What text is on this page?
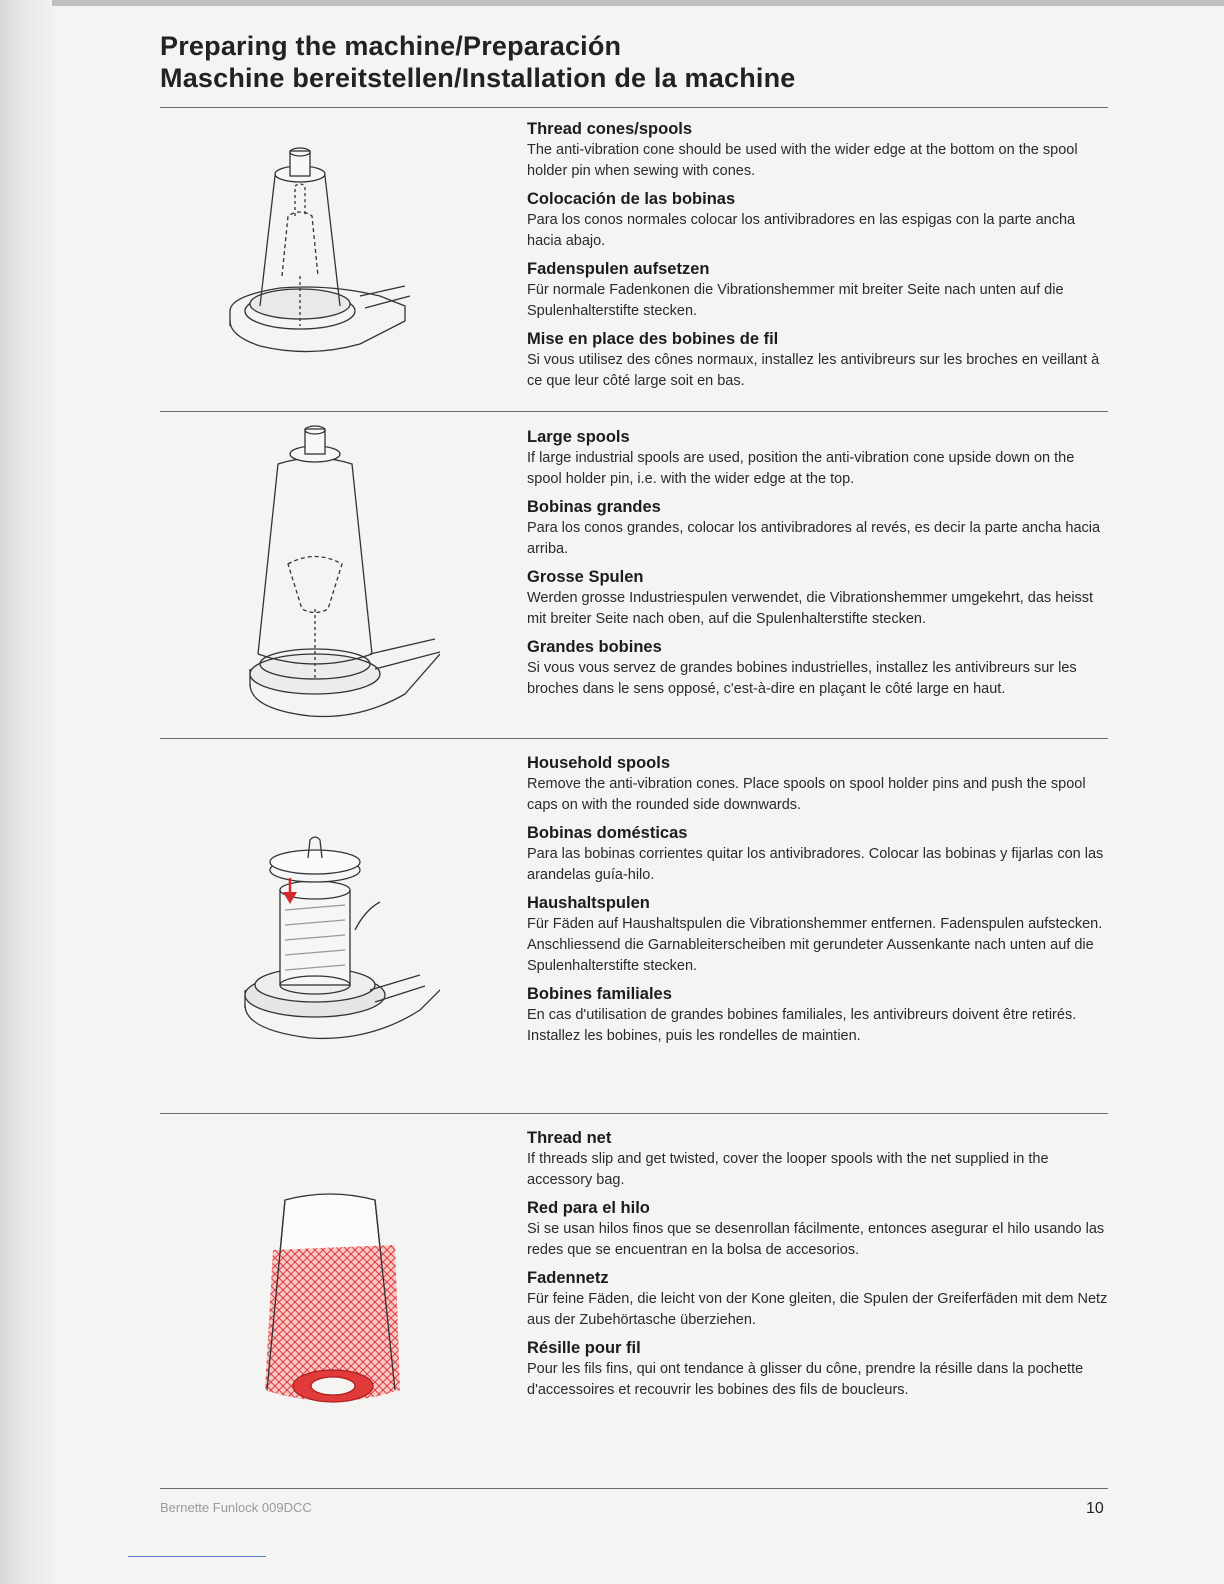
Preparing the machine/Preparación
Maschine bereitstellen/Installation de la machine

Thread cones/spools

The anti-vibration cone should be used with the wider edge at the bottom on the spool holder pin when sewing with cones.

Colocación de las bobinas

Para los conos normales colocar los antivibradores en las espigas con la parte ancha hacia abajo.

Fadenspulen aufsetzen

Für normale Fadenkonen die Vibrationshemmer mit breiter Seite nach unten auf die Spulenhalterstifte stecken.

Mise en place des bobines de fil

Si vous utilisez des cônes normaux, installez les antivibreurs sur les broches en veillant à ce que leur côté large soit en bas.

Large spools

If large industrial spools are used, position the anti-vibration cone upside down on the spool holder pin, i.e. with the wider edge at the top.

Bobinas grandes

Para los conos grandes, colocar los antivibradores al revés, es decir la parte ancha hacia arriba.

Grosse Spulen

Werden grosse Industriespulen verwendet, die Vibrationshemmer umgekehrt, das heisst mit breiter Seite nach oben, auf die Spulenhalterstifte stecken.

Grandes bobines

Si vous vous servez de grandes bobines industrielles, installez les antivibreurs sur les broches dans le sens opposé, c'est-à-dire en plaçant le côté large en haut.

Household spools

Remove the anti-vibration cones. Place spools on spool holder pins and push the spool caps on with the rounded side downwards.

Bobinas domésticas

Para las bobinas corrientes quitar los antivibradores. Colocar las bobinas y fijarlas con las arandelas guía-hilo.

Haushaltspulen

Für Fäden auf Haushaltspulen die Vibrationshemmer entfernen. Fadenspulen aufstecken. Anschliessend die Garnableiterscheiben mit gerundeter Aussenkante nach unten auf die Spulenhalterstifte stecken.

Bobines familiales

En cas d'utilisation de grandes bobines familiales, les antivibreurs doivent être retirés. Installez les bobines, puis les rondelles de maintien.

Thread net

If threads slip and get twisted, cover the looper spools with the net supplied in the accessory bag.

Red para el hilo

Si se usan hilos finos que se desenrollan fácilmente, entonces asegurar el hilo usando las redes que se encuentran en la bolsa de accesorios.

Fadennetz

Für feine Fäden, die leicht von der Kone gleiten, die Spulen der Greiferfäden mit dem Netz aus der Zubehörtasche überziehen.

Résille pour fil

Pour les fils fins, qui ont tendance à glisser du cône, prendre la résille dans la pochette d'accessoires et recouvrir les bobines des fils de boucleurs.

Bernette Funlock 009DCC	10
